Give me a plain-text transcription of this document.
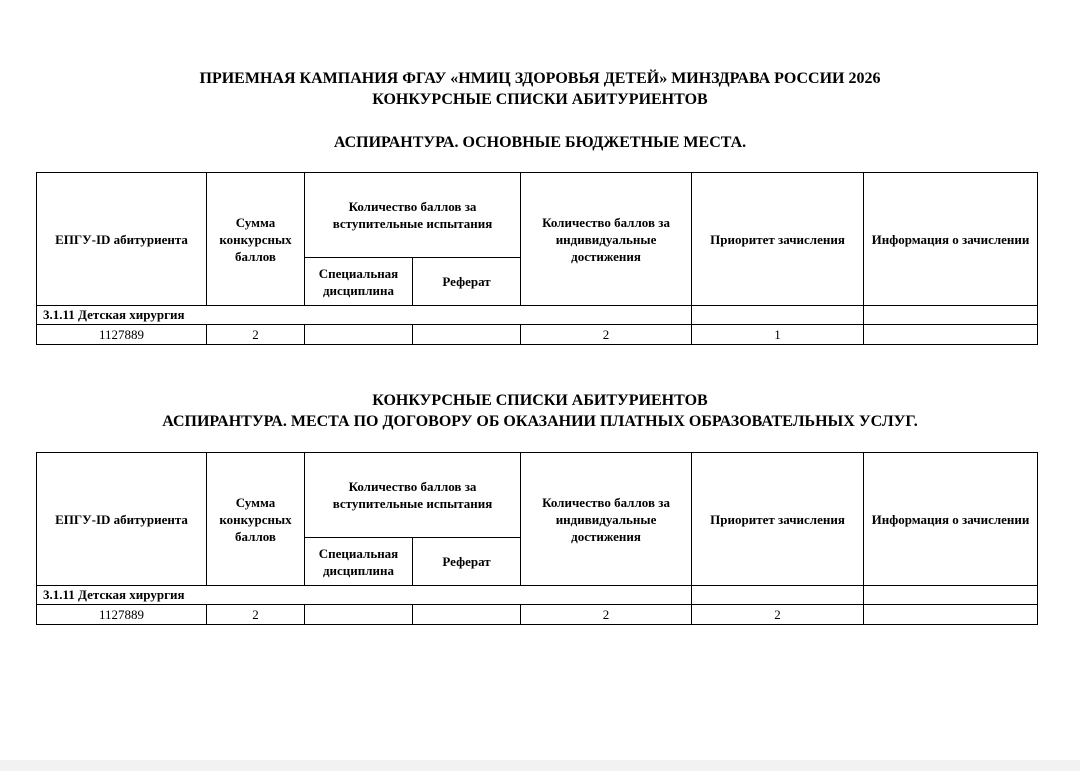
ПРИЕМНАЯ КАМПАНИЯ ФГАУ «НМИЦ ЗДОРОВЬЯ ДЕТЕЙ» МИНЗДРАВА РОССИИ 2026
КОНКУРСНЫЕ СПИСКИ АБИТУРИЕНТОВ
АСПИРАНТУРА. ОСНОВНЫЕ БЮДЖЕТНЫЕ МЕСТА.
ЕПГУ-ID абитуриента	Сумма конкурсных баллов	Количество баллов за вступительные испытания		Количество баллов за индивидуальные достижения	Приоритет зачисления	Информация о зачислении
		Специальная дисциплина	Реферат			
3.1.11 Детская хирургия						
1127889	2			2	1	
КОНКУРСНЫЕ СПИСКИ АБИТУРИЕНТОВ
АСПИРАНТУРА. МЕСТА ПО ДОГОВОРУ ОБ ОКАЗАНИИ ПЛАТНЫХ ОБРАЗОВАТЕЛЬНЫХ УСЛУГ.
ЕПГУ-ID абитуриента	Сумма конкурсных баллов	Количество баллов за вступительные испытания		Количество баллов за индивидуальные достижения	Приоритет зачисления	Информация о зачислении
		Специальная дисциплина	Реферат			
3.1.11 Детская хирургия						
1127889	2			2	2	
